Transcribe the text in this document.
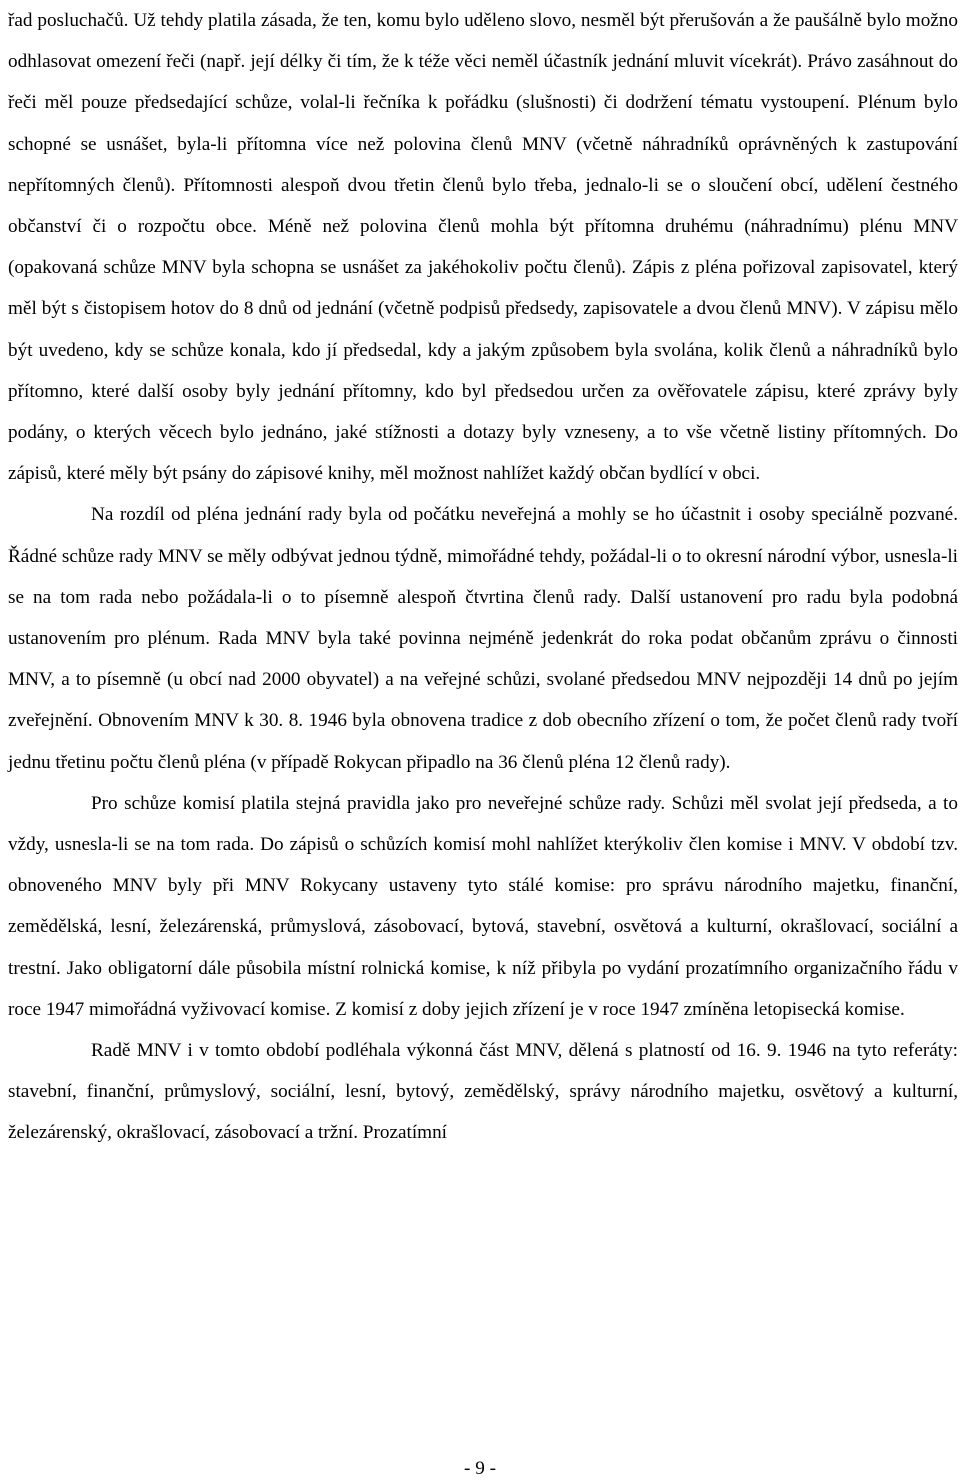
řad posluchačů. Už tehdy platila zásada, že ten, komu bylo uděleno slovo, nesměl být přerušován a že paušálně bylo možno odhlasovat omezení řeči (např. její délky či tím, že k téže věci neměl účastník jednání mluvit vícekrát). Právo zasáhnout do řeči měl pouze předsedající schůze, volal-li řečníka k pořádku (slušnosti) či dodržení tématu vystoupení. Plénum bylo schopné se usnášet, byla-li přítomna více než polovina členů MNV (včetně náhradníků oprávněných k zastupování nepřítomných členů). Přítomnosti alespoň dvou třetin členů bylo třeba, jednalo-li se o sloučení obcí, udělení čestného občanství či o rozpočtu obce. Méně než polovina členů mohla být přítomna druhému (náhradnímu) plénu MNV (opakovaná schůze MNV byla schopna se usnášet za jakéhokoliv počtu členů). Zápis z pléna pořizoval zapisovatel, který měl být s čistopisem hotov do 8 dnů od jednání (včetně podpisů předsedy, zapisovatele a dvou členů MNV). V zápisu mělo být uvedeno, kdy se schůze konala, kdo jí předsedal, kdy a jakým způsobem byla svolána, kolik členů a náhradníků bylo přítomno, které další osoby byly jednání přítomny, kdo byl předsedou určen za ověřovatele zápisu, které zprávy byly podány, o kterých věcech bylo jednáno, jaké stížnosti a dotazy byly vzneseny, a to vše včetně listiny přítomných. Do zápisů, které měly být psány do zápisové knihy, měl možnost nahlížet každý občan bydlící v obci.

Na rozdíl od pléna jednání rady byla od počátku neveřejná a mohly se ho účastnit i osoby speciálně pozvané. Řádné schůze rady MNV se měly odbývat jednou týdně, mimořádné tehdy, požádal-li o to okresní národní výbor, usnesla-li se na tom rada nebo požádala-li o to písemně alespoň čtvrtina členů rady. Další ustanovení pro radu byla podobná ustanovením pro plénum. Rada MNV byla také povinna nejméně jedenkrát do roka podat občanům zprávu o činnosti MNV, a to písemně (u obcí nad 2000 obyvatel) a na veřejné schůzi, svolané předsedou MNV nejpozději 14 dnů po jejím zveřejnění. Obnovením MNV k 30. 8. 1946 byla obnovena tradice z dob obecního zřízení o tom, že počet členů rady tvoří jednu třetinu počtu členů pléna (v případě Rokycan připadlo na 36 členů pléna 12 členů rady).

Pro schůze komisí platila stejná pravidla jako pro neveřejné schůze rady. Schůzi měl svolat její předseda, a to vždy, usnesla-li se na tom rada. Do zápisů o schůzích komisí mohl nahlížet kterýkoliv člen komise i MNV. V období tzv. obnoveného MNV byly při MNV Rokycany ustaveny tyto stálé komise: pro správu národního majetku, finanční, zemědělská, lesní, železárenská, průmyslová, zásobovací, bytová, stavební, osvětová a kulturní, okrašlovací, sociální a trestní. Jako obligatorní dále působila místní rolnická komise, k níž přibyla po vydání prozatímního organizačního řádu v roce 1947 mimořádná vyživovací komise. Z komisí z doby jejich zřízení je v roce 1947 zmíněna letopisecká komise.

Radě MNV i v tomto období podléhala výkonná část MNV, dělená s platností od 16. 9. 1946 na tyto referáty: stavební, finanční, průmyslový, sociální, lesní, bytový, zemědělský, správy národního majetku, osvětový a kulturní, železárenský, okrašlovací, zásobovací a tržní. Prozatímní

- 9 -
